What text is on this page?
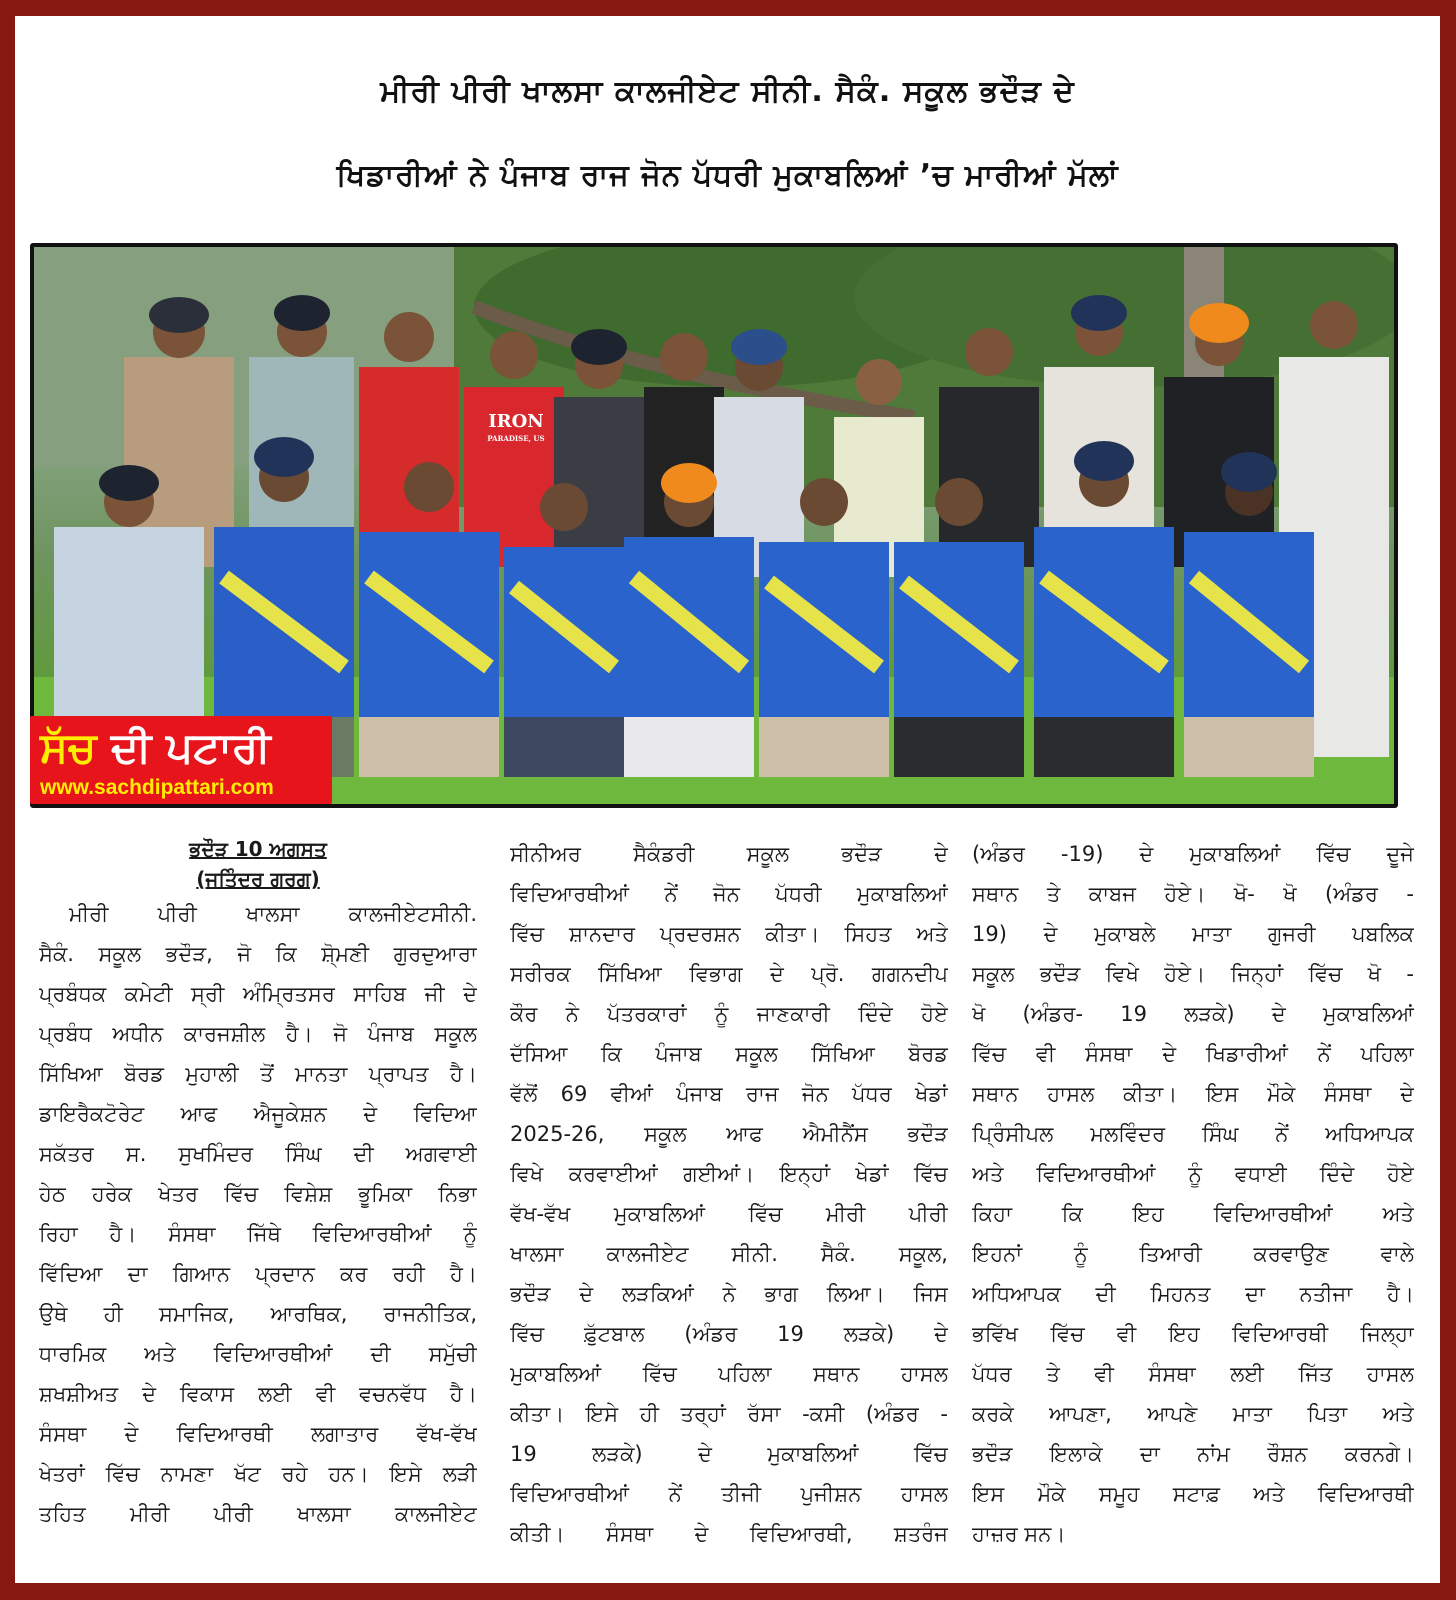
ਮੀਰੀ ਪੀਰੀ ਖਾਲਸਾ ਕਾਲਜੀਏਟ ਸੀਨੀ. ਸੈਕੰ. ਸਕੂਲ ਭਦੌੜ ਦੇ
ਖਿਡਾਰੀਆਂ ਨੇ ਪੰਜਾਬ ਰਾਜ ਜੋਨ ਪੱਧਰੀ ਮੁਕਾਬਲਿਆਂ ’ਚ ਮਾਰੀਆਂ ਮੱਲਾਂ
IRON
PARADISE, US
ਸੱਚ ਦੀ ਪਟਾਰੀ
www.sachdipattari.com
ਭਦੌੜ 10 ਅਗਸਤ
(ਜਤਿੰਦਰ ਗਰਗ)

ਮੀਰੀ ਪੀਰੀ ਖਾਲਸਾ ਕਾਲਜੀਏਟਸੀਨੀ.

ਸੈਕੰ. ਸਕੂਲ ਭਦੌੜ, ਜੋ ਕਿ ਸ਼ੋ੍ਮਣੀ ਗੁਰਦੁਆਰਾ

ਪ੍ਰਬੰਧਕ ਕਮੇਟੀ ਸ੍ਰੀ ਅੰਮ੍ਰਿਤਸਰ ਸਾਹਿਬ ਜੀ ਦੇ

ਪ੍ਰਬੰਧ ਅਧੀਨ ਕਾਰਜਸ਼ੀਲ ਹੈ। ਜੋ ਪੰਜਾਬ ਸਕੂਲ

ਸਿੱਖਿਆ ਬੋਰਡ ਮੁਹਾਲੀ ਤੋਂ ਮਾਨਤਾ ਪ੍ਰਾਪਤ ਹੈ।

ਡਾਇਰੈਕਟੋਰੇਟ ਆਫ ਐਜੂਕੇਸ਼ਨ ਦੇ ਵਿਦਿਆ

ਸਕੱਤਰ ਸ. ਸੁਖਮਿੰਦਰ ਸਿੰਘ ਦੀ ਅਗਵਾਈ

ਹੇਠ ਹਰੇਕ ਖੇਤਰ ਵਿੱਚ ਵਿਸ਼ੇਸ਼ ਭੂਮਿਕਾ ਨਿਭਾ

ਰਿਹਾ ਹੈ। ਸੰਸਥਾ ਜਿੱਥੇ ਵਿਦਿਆਰਥੀਆਂ ਨੂੰ

ਵਿੱਦਿਆ ਦਾ ਗਿਆਨ ਪ੍ਰਦਾਨ ਕਰ ਰਹੀ ਹੈ।

ਉਥੇ ਹੀ ਸਮਾਜਿਕ, ਆਰਥਿਕ, ਰਾਜਨੀਤਿਕ,

ਧਾਰਮਿਕ ਅਤੇ ਵਿਦਿਆਰਥੀਆਂ ਦੀ ਸਮੁੱਚੀ

ਸ਼ਖਸ਼ੀਅਤ ਦੇ ਵਿਕਾਸ ਲਈ ਵੀ ਵਚਨਵੱਧ ਹੈ।

ਸੰਸਥਾ ਦੇ ਵਿਦਿਆਰਥੀ ਲਗਾਤਾਰ ਵੱਖ-ਵੱਖ

ਖੇਤਰਾਂ ਵਿੱਚ ਨਾਮਣਾ ਖੱਟ ਰਹੇ ਹਨ। ਇਸੇ ਲੜੀ

ਤਹਿਤ ਮੀਰੀ ਪੀਰੀ ਖਾਲਸਾ ਕਾਲਜੀਏਟ

ਸੀਨੀਅਰ ਸੈਕੰਡਰੀ ਸਕੂਲ ਭਦੌੜ ਦੇ

ਵਿਦਿਆਰਥੀਆਂ ਨੇਂ ਜੋਨ ਪੱਧਰੀ ਮੁਕਾਬਲਿਆਂ

ਵਿੱਚ ਸ਼ਾਨਦਾਰ ਪ੍ਰਦਰਸ਼ਨ ਕੀਤਾ। ਸਿਹਤ ਅਤੇ

ਸਰੀਰਕ ਸਿੱਖਿਆ ਵਿਭਾਗ ਦੇ ਪ੍ਰੋ. ਗਗਨਦੀਪ

ਕੌਰ ਨੇ ਪੱਤਰਕਾਰਾਂ ਨੂੰ ਜਾਣਕਾਰੀ ਦਿੰਦੇ ਹੋਏ

ਦੱਸਿਆ ਕਿ ਪੰਜਾਬ ਸਕੂਲ ਸਿੱਖਿਆ ਬੋਰਡ

ਵੱਲੋਂ 69 ਵੀਆਂ ਪੰਜਾਬ ਰਾਜ ਜੋਨ ਪੱਧਰ ਖੇਡਾਂ

2025-26, ਸਕੂਲ ਆਫ ਐਮੀਨੈਂਸ ਭਦੌੜ

ਵਿਖੇ ਕਰਵਾਈਆਂ ਗਈਆਂ। ਇਨ੍ਹਾਂ ਖੇਡਾਂ ਵਿੱਚ

ਵੱਖ-ਵੱਖ ਮੁਕਾਬਲਿਆਂ ਵਿੱਚ ਮੀਰੀ ਪੀਰੀ

ਖਾਲਸਾ ਕਾਲਜੀਏਟ ਸੀਨੀ. ਸੈਕੰ. ਸਕੂਲ,

ਭਦੌੜ ਦੇ ਲੜਕਿਆਂ ਨੇ ਭਾਗ ਲਿਆ। ਜਿਸ

ਵਿੱਚ ਫ਼ੁੱਟਬਾਲ (ਅੰਡਰ 19 ਲੜਕੇ) ਦੇ

ਮੁਕਾਬਲਿਆਂ ਵਿੱਚ ਪਹਿਲਾ ਸਥਾਨ ਹਾਸਲ

ਕੀਤਾ। ਇਸੇ ਹੀ ਤਰ੍ਹਾਂ ਰੱਸਾ -ਕਸੀ (ਅੰਡਰ -

19 ਲੜਕੇ) ਦੇ ਮੁਕਾਬਲਿਆਂ ਵਿੱਚ

ਵਿਦਿਆਰਥੀਆਂ ਨੇਂ ਤੀਜੀ ਪੁਜੀਸ਼ਨ ਹਾਸਲ

ਕੀਤੀ। ਸੰਸਥਾ ਦੇ ਵਿਦਿਆਰਥੀ, ਸ਼ਤਰੰਜ

(ਅੰਡਰ -19) ਦੇ ਮੁਕਾਬਲਿਆਂ ਵਿੱਚ ਦੂਜੇ

ਸਥਾਨ ਤੇ ਕਾਬਜ ਹੋਏ। ਖੋ- ਖੋ (ਅੰਡਰ -

19) ਦੇ ਮੁਕਾਬਲੇ ਮਾਤਾ ਗੁਜਰੀ ਪਬਲਿਕ

ਸਕੂਲ ਭਦੌੜ ਵਿਖੇ ਹੋਏ। ਜਿਨ੍ਹਾਂ ਵਿੱਚ ਖੋ -

ਖੋ (ਅੰਡਰ- 19 ਲੜਕੇ) ਦੇ ਮੁਕਾਬਲਿਆਂ

ਵਿੱਚ ਵੀ ਸੰਸਥਾ ਦੇ ਖਿਡਾਰੀਆਂ ਨੇਂ ਪਹਿਲਾ

ਸਥਾਨ ਹਾਸਲ ਕੀਤਾ। ਇਸ ਮੌਕੇ ਸੰਸਥਾ ਦੇ

ਪ੍ਰਿੰਸੀਪਲ ਮਲਵਿੰਦਰ ਸਿੰਘ ਨੇਂ ਅਧਿਆਪਕ

ਅਤੇ ਵਿਦਿਆਰਥੀਆਂ ਨੂੰ ਵਧਾਈ ਦਿੰਦੇ ਹੋਏ

ਕਿਹਾ ਕਿ ਇਹ ਵਿਦਿਆਰਥੀਆਂ ਅਤੇ

ਇਹਨਾਂ ਨੂੰ ਤਿਆਰੀ ਕਰਵਾਉਣ ਵਾਲੇ

ਅਧਿਆਪਕ ਦੀ ਮਿਹਨਤ ਦਾ ਨਤੀਜਾ ਹੈ।

ਭਵਿੱਖ ਵਿੱਚ ਵੀ ਇਹ ਵਿਦਿਆਰਥੀ ਜਿਲ੍ਹਾ

ਪੱਧਰ ਤੇ ਵੀ ਸੰਸਥਾ ਲਈ ਜਿੱਤ ਹਾਸਲ

ਕਰਕੇ ਆਪਣਾ, ਆਪਣੇ ਮਾਤਾ ਪਿਤਾ ਅਤੇ

ਭਦੌੜ ਇਲਾਕੇ ਦਾ ਨਾਂਮ ਰੌਸ਼ਨ ਕਰਨਗੇ।

ਇਸ ਮੌਕੇ ਸਮੂਹ ਸਟਾਫ਼ ਅਤੇ ਵਿਦਿਆਰਥੀ

ਹਾਜ਼ਰ ਸਨ।
